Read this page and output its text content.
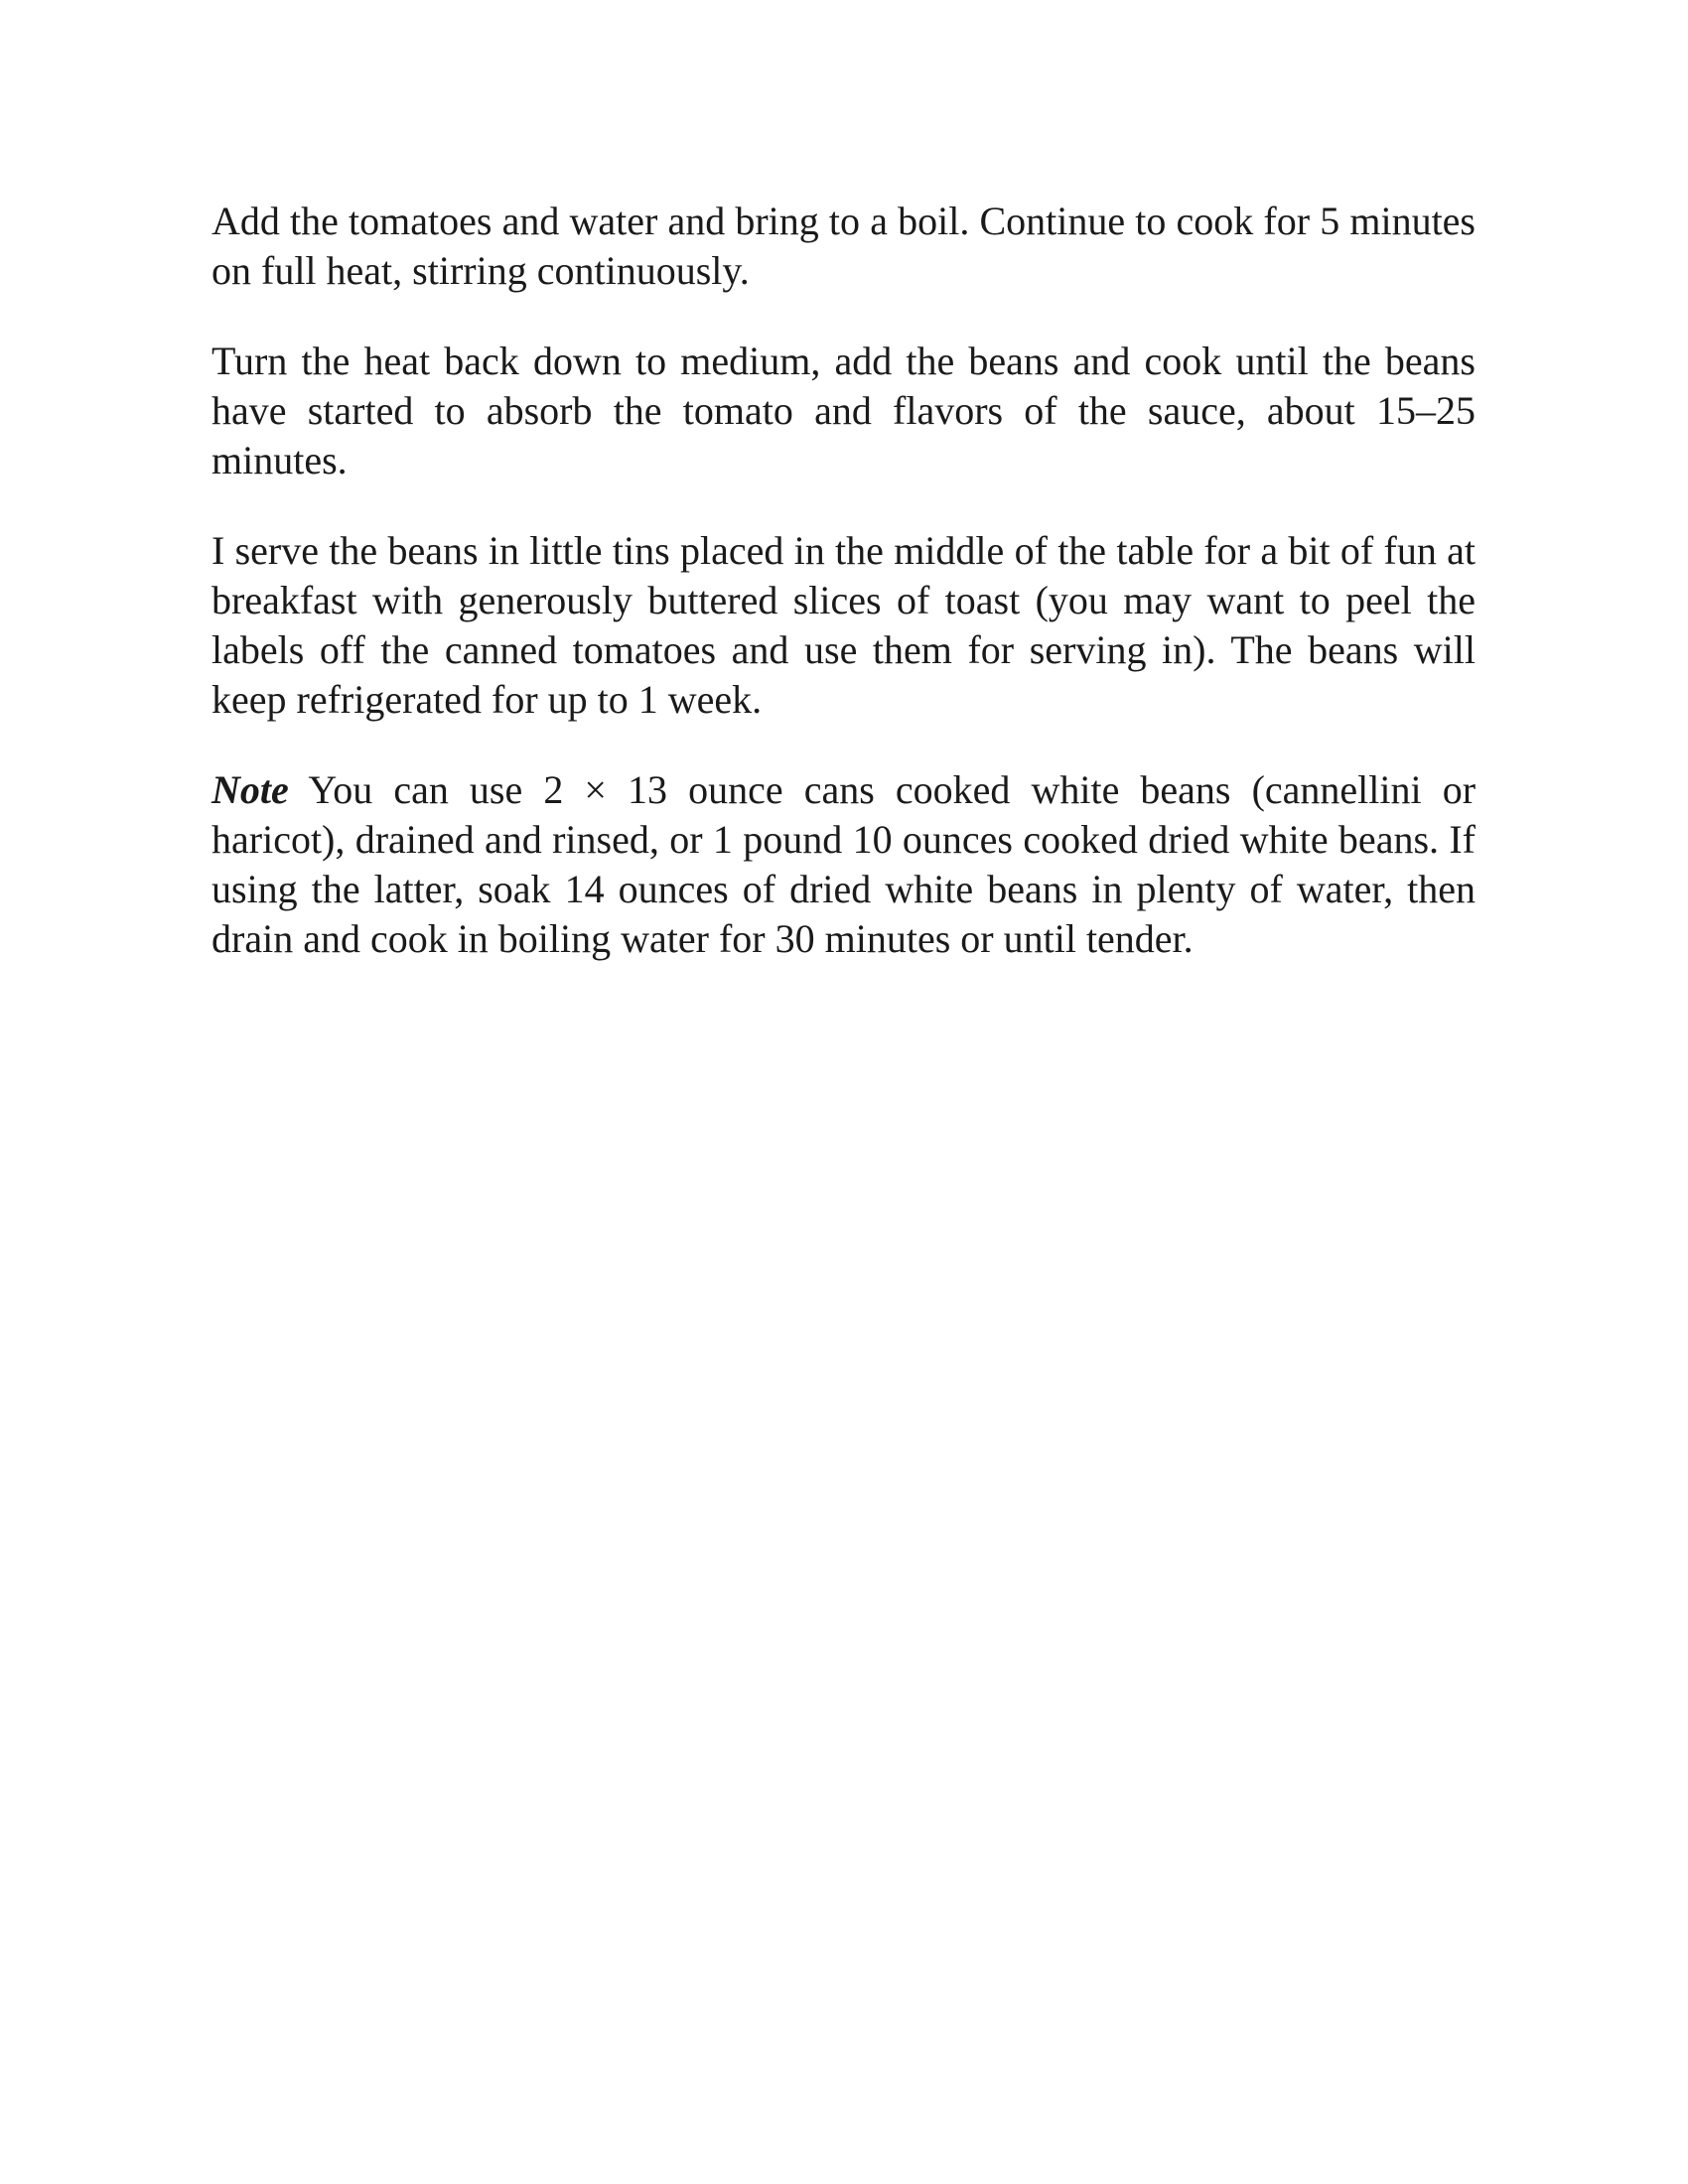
Add the tomatoes and water and bring to a boil. Continue to cook for 5 minutes on full heat, stirring continuously.

Turn the heat back down to medium, add the beans and cook until the beans have started to absorb the tomato and flavors of the sauce, about 15–25 minutes.

I serve the beans in little tins placed in the middle of the table for a bit of fun at breakfast with generously buttered slices of toast (you may want to peel the labels off the canned tomatoes and use them for serving in). The beans will keep refrigerated for up to 1 week.

Note You can use 2 × 13 ounce cans cooked white beans (cannellini or haricot), drained and rinsed, or 1 pound 10 ounces cooked dried white beans. If using the latter, soak 14 ounces of dried white beans in plenty of water, then drain and cook in boiling water for 30 minutes or until tender.
